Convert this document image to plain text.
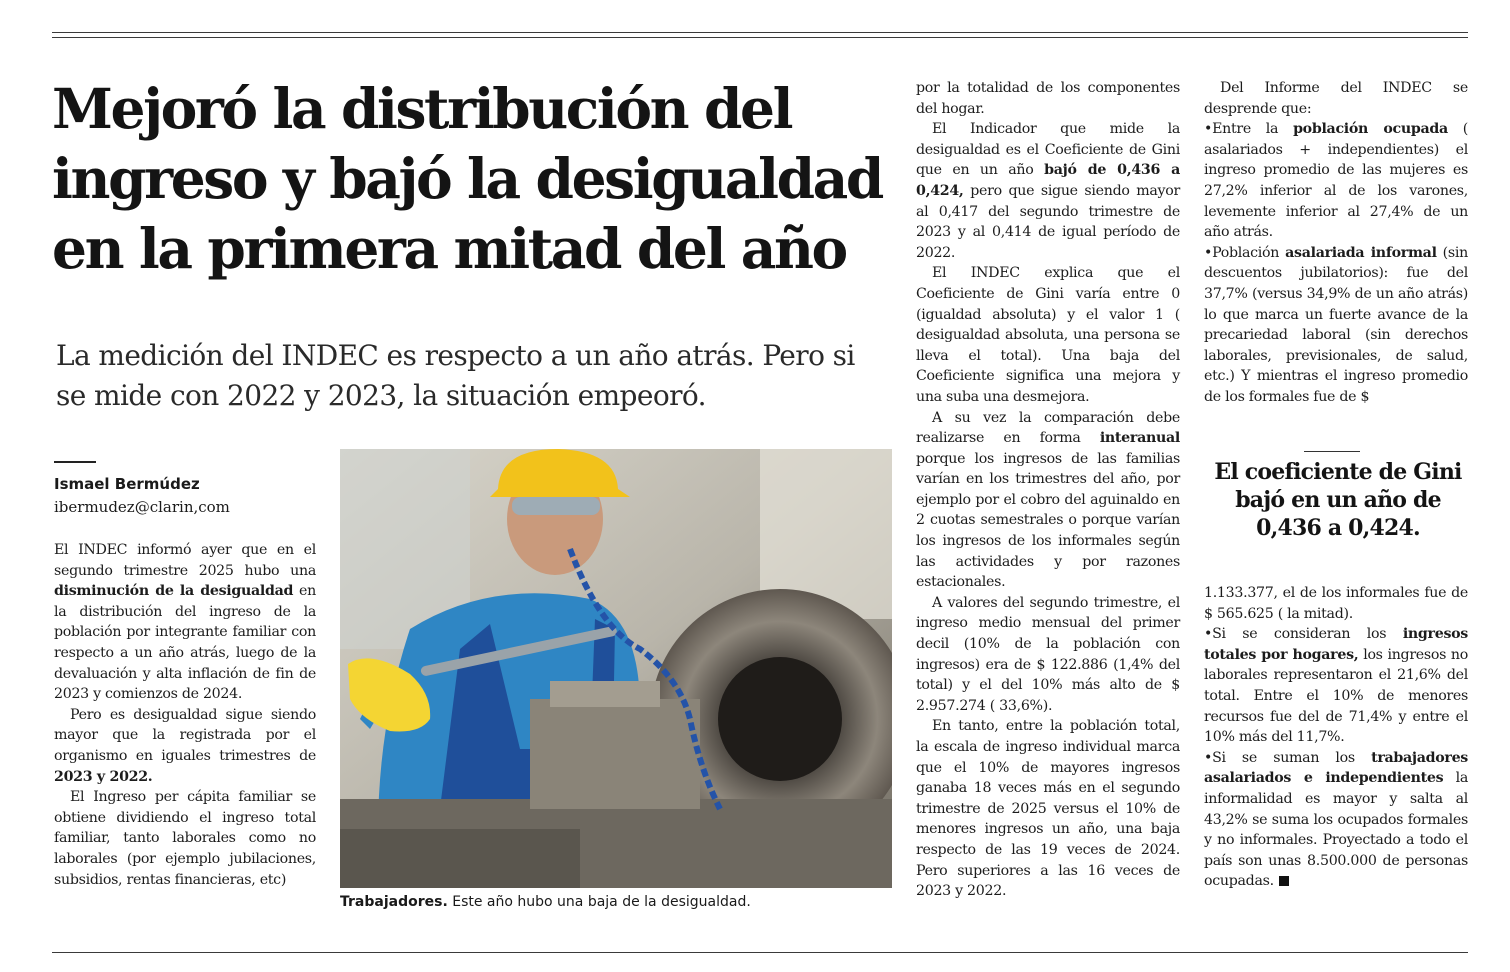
Mejoró la distribución del ingreso y bajó la desigualdad en la primera mitad del año
La medición del INDEC es respecto a un año atrás. Pero si se mide con 2022 y 2023, la situación empeoró.
Ismael Bermúdez
ibermudez@clarin,com

El INDEC informó ayer que en el segundo trimestre 2025 hubo una disminución de la desigualdad en la distribución del ingreso de la población por integrante familiar con respecto a un año atrás, luego de la devaluación y alta inflación de fin de 2023 y comienzos de 2024.

Pero es desigualdad sigue siendo mayor que la registrada por el organismo en iguales trimestres de 2023 y 2022.

El Ingreso per cápita familiar se obtiene dividiendo el ingreso total familiar, tanto laborales como no laborales (por ejemplo jubilaciones, subsidios, rentas financieras, etc)

Trabajadores. Este año hubo una baja de la desigualdad.

por la totalidad de los componentes del hogar.

El Indicador que mide la desigualdad es el Coeficiente de Gini que en un año bajó de 0,436 a 0,424, pero que sigue siendo mayor al 0,417 del segundo trimestre de 2023 y al 0,414 de igual período de 2022.

El INDEC explica que el Coeficiente de Gini varía entre 0 (igualdad absoluta) y el valor 1 ( desigualdad absoluta, una persona se lleva el total). Una baja del Coeficiente significa una mejora y una suba una desmejora.

A su vez la comparación debe realizarse en forma interanual porque los ingresos de las familias varían en los trimestres del año, por ejemplo por el cobro del aguinaldo en 2 cuotas semestrales o porque varían los ingresos de los informales según las actividades y por razones estacionales.

A valores del segundo trimestre, el ingreso medio mensual del primer decil (10% de la población con ingresos) era de $ 122.886 (1,4% del total) y el del 10% más alto de $ 2.957.274 ( 33,6%).

En tanto, entre la población total, la escala de ingreso individual marca que el 10% de mayores ingresos ganaba 18 veces más en el segundo trimestre de 2025 versus el 10% de menores ingresos un año, una baja respecto de las 19 veces de 2024. Pero superiores a las 16 veces de 2023 y 2022.

Del Informe del INDEC se desprende que:

•Entre la población ocupada ( asalariados + independientes) el ingreso promedio de las mujeres es 27,2% inferior al de los varones, levemente inferior al 27,4% de un año atrás.

•Población asalariada informal (sin descuentos jubilatorios): fue del 37,7% (versus 34,9% de un año atrás) lo que marca un fuerte avance de la precariedad laboral (sin derechos laborales, previsionales, de salud, etc.) Y mientras el ingreso promedio de los formales fue de $

El coeficiente de Gini bajó en un año de 0,436 a 0,424.

1.133.377, el de los informales fue de $ 565.625 ( la mitad).

•Si se consideran los ingresos totales por hogares, los ingresos no laborales representaron el 21,6% del total. Entre el 10% de menores recursos fue del de 71,4% y entre el 10% más del 11,7%.

•Si se suman los trabajadores asalariados e independientes la informalidad es mayor y salta al 43,2% se suma los ocupados formales y no informales. Proyectado a todo el país son unas 8.500.000 de personas ocupadas.
